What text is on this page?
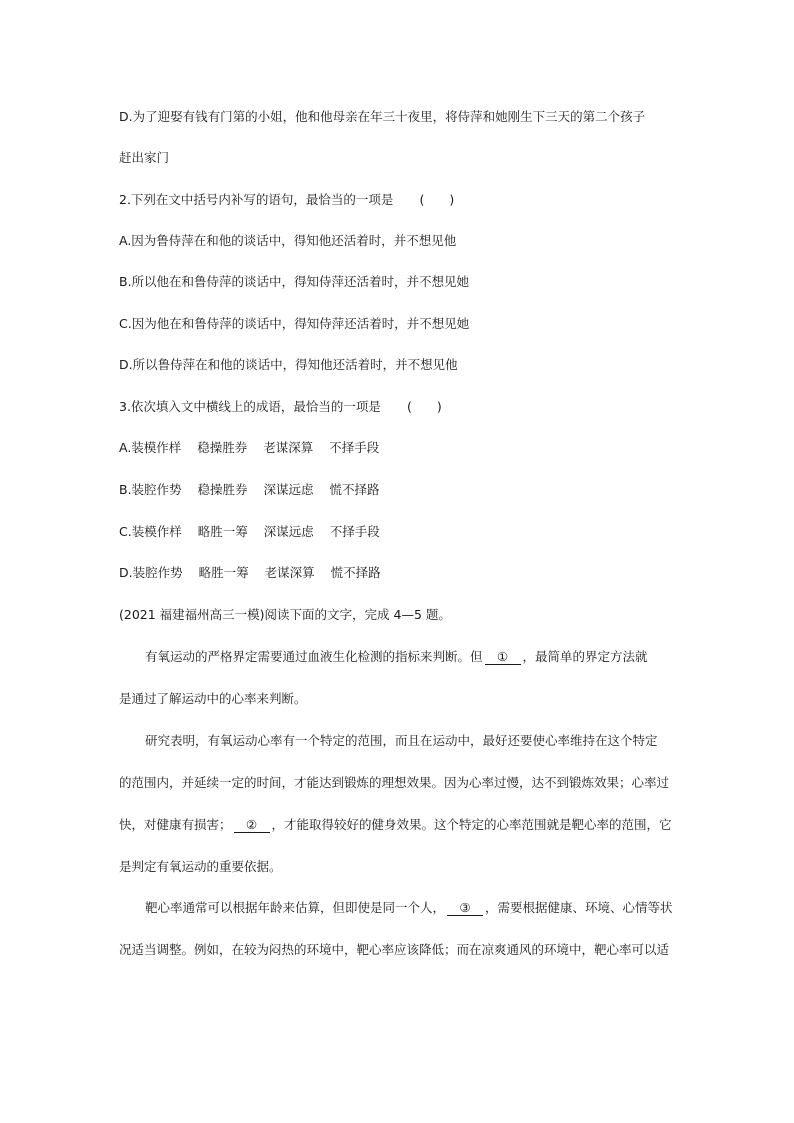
D.为了迎娶有钱有门第的小姐，他和他母亲在年三十夜里，将侍萍和她刚生下三天的第二个孩子
赶出家门
2.下列在文中括号内补写的语句，最恰当的一项是 (　　)
A.因为鲁侍萍在和他的谈话中，得知他还活着时，并不想见他
B.所以他在和鲁侍萍的谈话中，得知侍萍还活着时，并不想见她
C.因为他在和鲁侍萍的谈话中，得知侍萍还活着时，并不想见她
D.所以鲁侍萍在和他的谈话中，得知他还活着时，并不想见他
3.依次填入文中横线上的成语，最恰当的一项是 (　　)
A.装模作样 稳操胜券 老谋深算 不择手段
B.装腔作势 稳操胜券 深谋远虑 慌不择路
C.装模作样 略胜一筹 深谋远虑 不择手段
D.装腔作势 略胜一筹 老谋深算 慌不择路
(2021 福建福州高三一模)阅读下面的文字，完成 4—5 题。
有氧运动的严格界定需要通过血液生化检测的指标来判断。但 ① ，最简单的界定方法就
是通过了解运动中的心率来判断。
研究表明，有氧运动心率有一个特定的范围，而且在运动中，最好还要使心率维持在这个特定
的范围内，并延续一定的时间，才能达到锻炼的理想效果。因为心率过慢，达不到锻炼效果；心率过
快，对健康有损害； ② ，才能取得较好的健身效果。这个特定的心率范围就是靶心率的范围，它
是判定有氧运动的重要依据。
靶心率通常可以根据年龄来估算，但即使是同一个人， ③ ，需要根据健康、环境、心情等状
况适当调整。例如，在较为闷热的环境中，靶心率应该降低；而在凉爽通风的环境中，靶心率可以适
